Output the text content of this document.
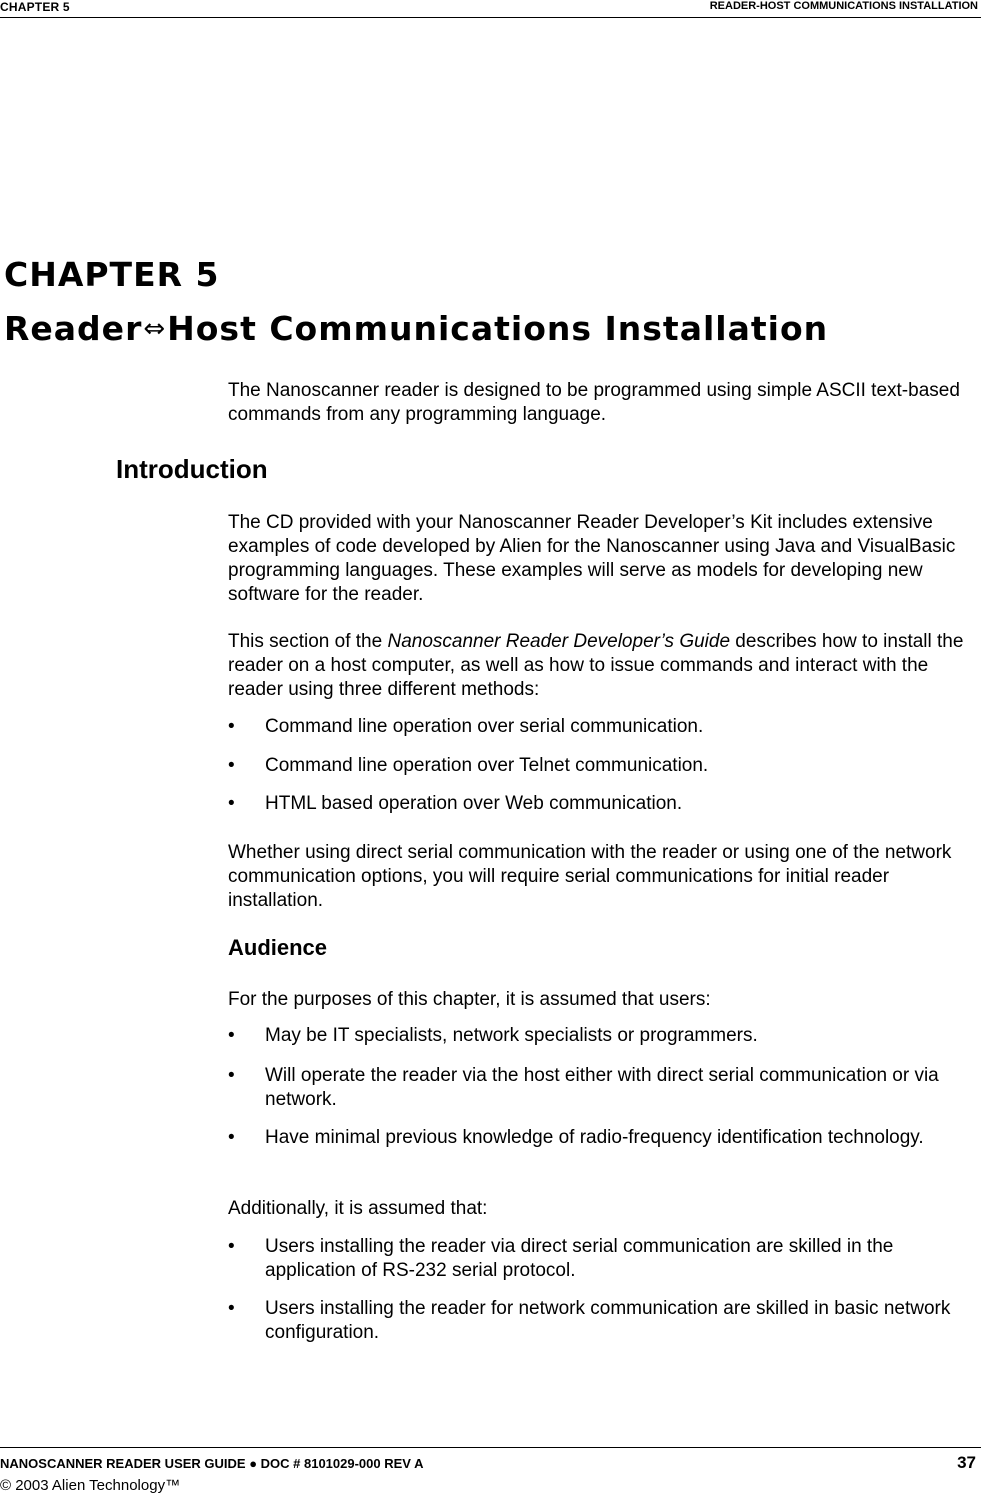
CHAPTER 5	READER-HOST COMMUNICATIONS INSTALLATION
CHAPTER 5
Reader⇔Host Communications Installation
The Nanoscanner reader is designed to be programmed using simple ASCII text-based commands from any programming language.
Introduction
The CD provided with your Nanoscanner Reader Developer’s Kit includes extensive examples of code developed by Alien for the Nanoscanner using Java and VisualBasic programming languages. These examples will serve as models for developing new software for the reader.
This section of the Nanoscanner Reader Developer’s Guide describes how to install the reader on a host computer, as well as how to issue commands and interact with the reader using three different methods:
•	Command line operation over serial communication.
•	Command line operation over Telnet communication.
•	HTML based operation over Web communication.
Whether using direct serial communication with the reader or using one of the network communication options, you will require serial communications for initial reader installation.
Audience
For the purposes of this chapter, it is assumed that users:
•	May be IT specialists, network specialists or programmers.
•	Will operate the reader via the host either with direct serial communication or via network.
•	Have minimal previous knowledge of radio-frequency identification technology.
Additionally, it is assumed that:
•	Users installing the reader via direct serial communication are skilled in the application of RS-232 serial protocol.
•	Users installing the reader for network communication are skilled in basic network configuration.
NANOSCANNER READER USER GUIDE ● DOC # 8101029-000 REV A	37
© 2003 Alien Technology™
